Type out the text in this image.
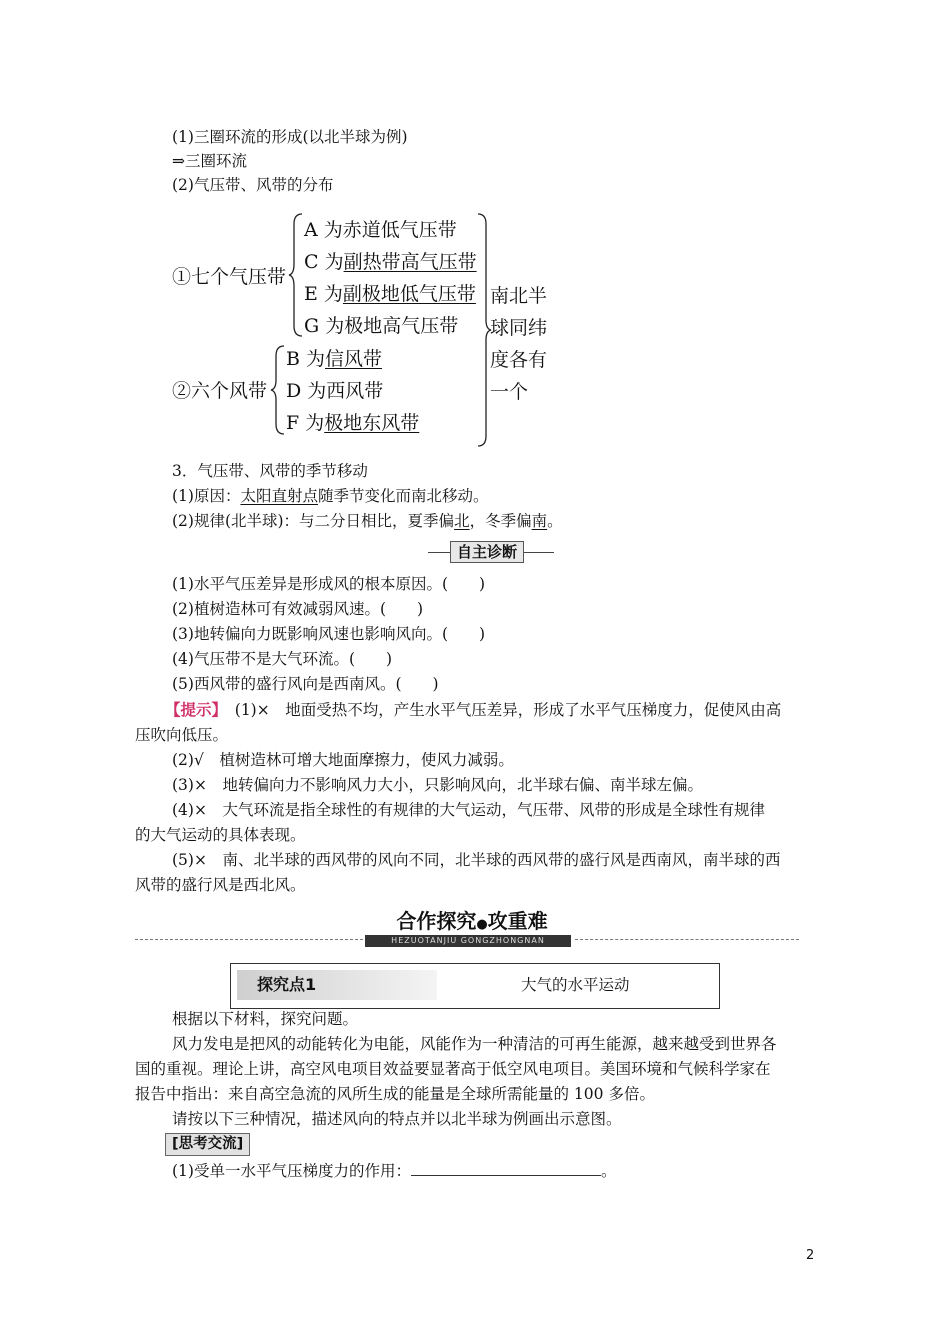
(1)三圈环流的形成(以北半球为例)
⇒三圈环流
(2)气压带、风带的分布
①七个气压带
A 为赤道低气压带
C 为副热带高气压带
E 为副极地低气压带
G 为极地高气压带
②六个风带
B 为信风带
D 为西风带
F 为极地东风带
南北半
球同纬
度各有
一个
3．气压带、风带的季节移动
(1)原因：太阳直射点随季节变化而南北移动。
(2)规律(北半球)：与二分日相比，夏季偏北，冬季偏南。
自主诊断
(1)水平气压差异是形成风的根本原因。(　　)
(2)植树造林可有效减弱风速。(　　)
(3)地转偏向力既影响风速也影响风向。(　　)
(4)气压带不是大气环流。(　　)
(5)西风带的盛行风向是西南风。(　　)
【提示】  (1)×　地面受热不均，产生水平气压差异，形成了水平气压梯度力，促使风由高
压吹向低压。
(2)√　植树造林可增大地面摩擦力，使风力减弱。
(3)×　地转偏向力不影响风力大小，只影响风向，北半球右偏、南半球左偏。
(4)×　大气环流是指全球性的有规律的大气运动，气压带、风带的形成是全球性有规律
的大气运动的具体表现。
(5)×　南、北半球的西风带的风向不同，北半球的西风带的盛行风是西南风，南半球的西
风带的盛行风是西北风。
合作探究●攻重难
HEZUOTANJIU GONGZHONGNAN
探究点1	大气的水平运动
根据以下材料，探究问题。
风力发电是把风的动能转化为电能，风能作为一种清洁的可再生能源，越来越受到世界各
国的重视。理论上讲，高空风电项目效益要显著高于低空风电项目。美国环境和气候科学家在
报告中指出：来自高空急流的风所生成的能量是全球所需能量的 100 多倍。
请按以下三种情况，描述风向的特点并以北半球为例画出示意图。
[思考交流]
(1)受单一水平气压梯度力的作用：	。
2
